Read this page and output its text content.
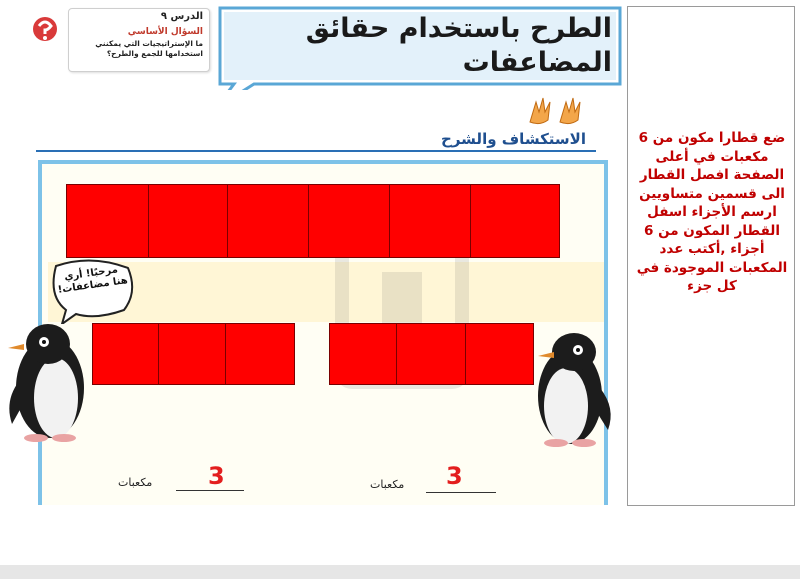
الدرس ٩
السؤال الأساسي
ما الإستراتيجيات التي يمكنني استخدامها للجمع والطرح؟
الطرح باستخدام حقائق المضاعفات
الاستكشاف والشرح
مرحبًا! أري هنا مضاعفات!
3
مكعبات	3
مكعبات
ضع قطارا مكون من 6 مكعبات في أعلى الصفحة افصل القطار الى قسمين متساويين ارسم الأجزاء اسفل القطار المكون من 6 أجزاء ,أكتب عدد المكعبات الموجودة في كل جزء
